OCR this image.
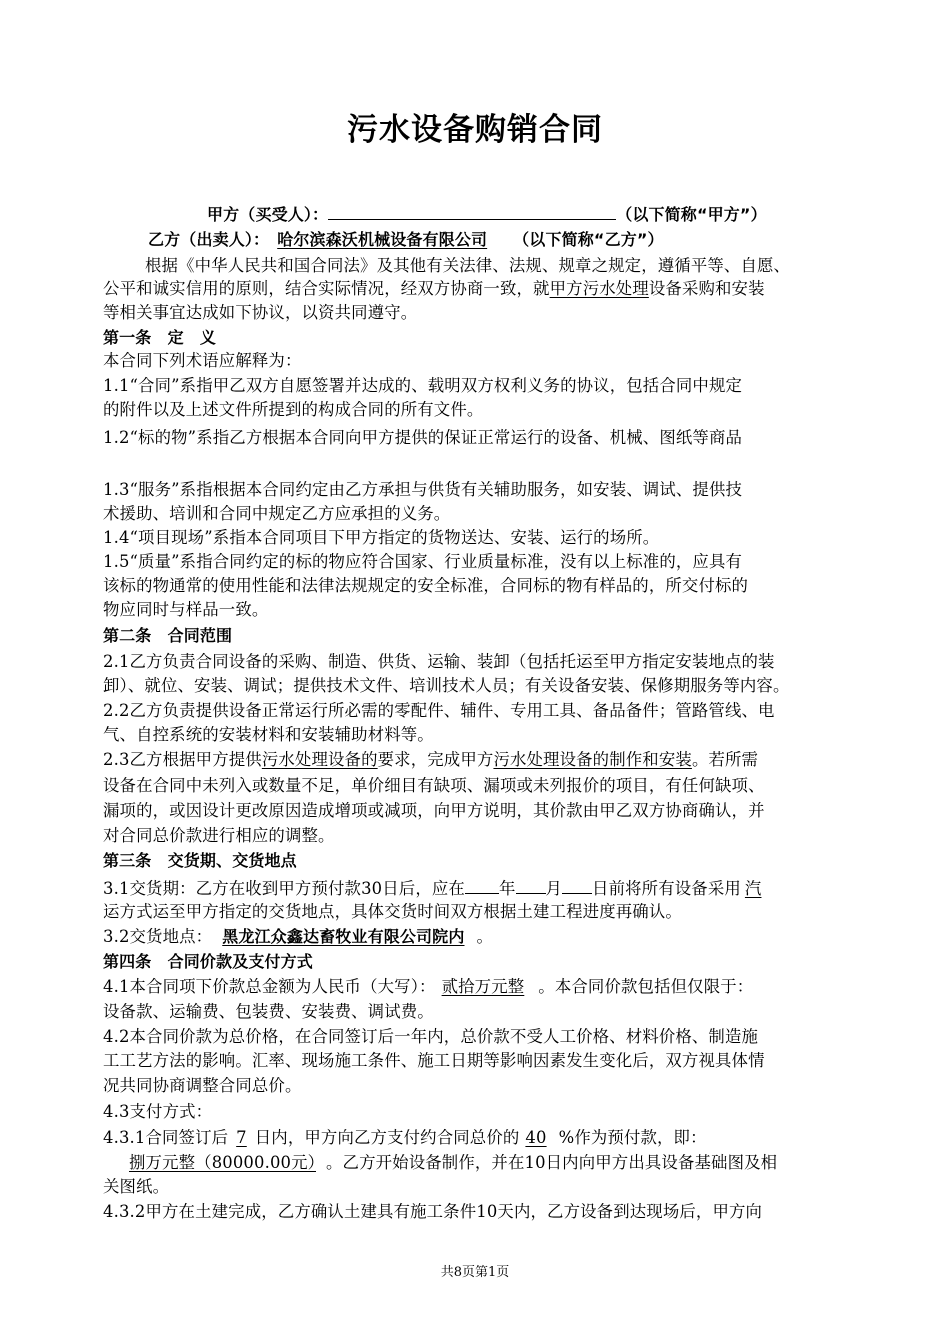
污水设备购销合同
甲方（买受人）：	（以下简称“甲方”）
乙方（出卖人）： 哈尔滨森沃机械设备有限公司 （以下简称“乙方”）
根据《中华人民共和国合同法》及其他有关法律、法规、规章之规定，遵循平等、自愿、
公平和诚实信用的原则，结合实际情况，经双方协商一致，就甲方污水处理设备采购和安装
等相关事宜达成如下协议，以资共同遵守。
第一条　定　义
本合同下列术语应解释为：
1.1“合同”系指甲乙双方自愿签署并达成的、载明双方权利义务的协议，包括合同中规定
的附件以及上述文件所提到的构成合同的所有文件。
1.2“标的物”系指乙方根据本合同向甲方提供的保证正常运行的设备、机械、图纸等商品
1.3“服务”系指根据本合同约定由乙方承担与供货有关辅助服务，如安装、调试、提供技
术援助、培训和合同中规定乙方应承担的义务。
1.4“项目现场”系指本合同项目下甲方指定的货物送达、安装、运行的场所。
1.5“质量”系指合同约定的标的物应符合国家、行业质量标准，没有以上标准的，应具有
该标的物通常的使用性能和法律法规规定的安全标准，合同标的物有样品的，所交付标的
物应同时与样品一致。
第二条　合同范围
2.1乙方负责合同设备的采购、制造、供货、运输、装卸（包括托运至甲方指定安装地点的装
卸）、就位、安装、调试；提供技术文件、培训技术人员；有关设备安装、保修期服务等内容。
2.2乙方负责提供设备正常运行所必需的零配件、辅件、专用工具、备品备件；管路管线、电
气、自控系统的安装材料和安装辅助材料等。
2.3乙方根据甲方提供污水处理设备的要求，完成甲方污水处理设备的制作和安装。若所需
设备在合同中未列入或数量不足，单价细目有缺项、漏项或未列报价的项目，有任何缺项、
漏项的，或因设计更改原因造成增项或减项，向甲方说明，其价款由甲乙双方协商确认，并
对合同总价款进行相应的调整。
第三条　交货期、交货地点
3.1交货期：乙方在收到甲方预付款30日后，应在 年 月 日前将所有设备采用 汽
运方式运至甲方指定的交货地点，具体交货时间双方根据土建工程进度再确认。
3.2交货地点： 黑龙江众鑫达畜牧业有限公司院内 。
第四条　合同价款及支付方式
4.1本合同项下价款总金额为人民币（大写）： 贰拾万元整 。本合同价款包括但仅限于：
设备款、运输费、包装费、安装费、调试费。
4.2本合同价款为总价格，在合同签订后一年内，总价款不受人工价格、材料价格、制造施
工工艺方法的影响。汇率、现场施工条件、施工日期等影响因素发生变化后，双方视具体情
况共同协商调整合同总价。
4.3支付方式：
4.3.1合同签订后 7 日内，甲方向乙方支付约合同总价的 40 %作为预付款，即：
捌万元整（80000.00元） 。乙方开始设备制作，并在10日内向甲方出具设备基础图及相
关图纸。
4.3.2甲方在土建完成，乙方确认土建具有施工条件10天内，乙方设备到达现场后，甲方向
共8页第1页
